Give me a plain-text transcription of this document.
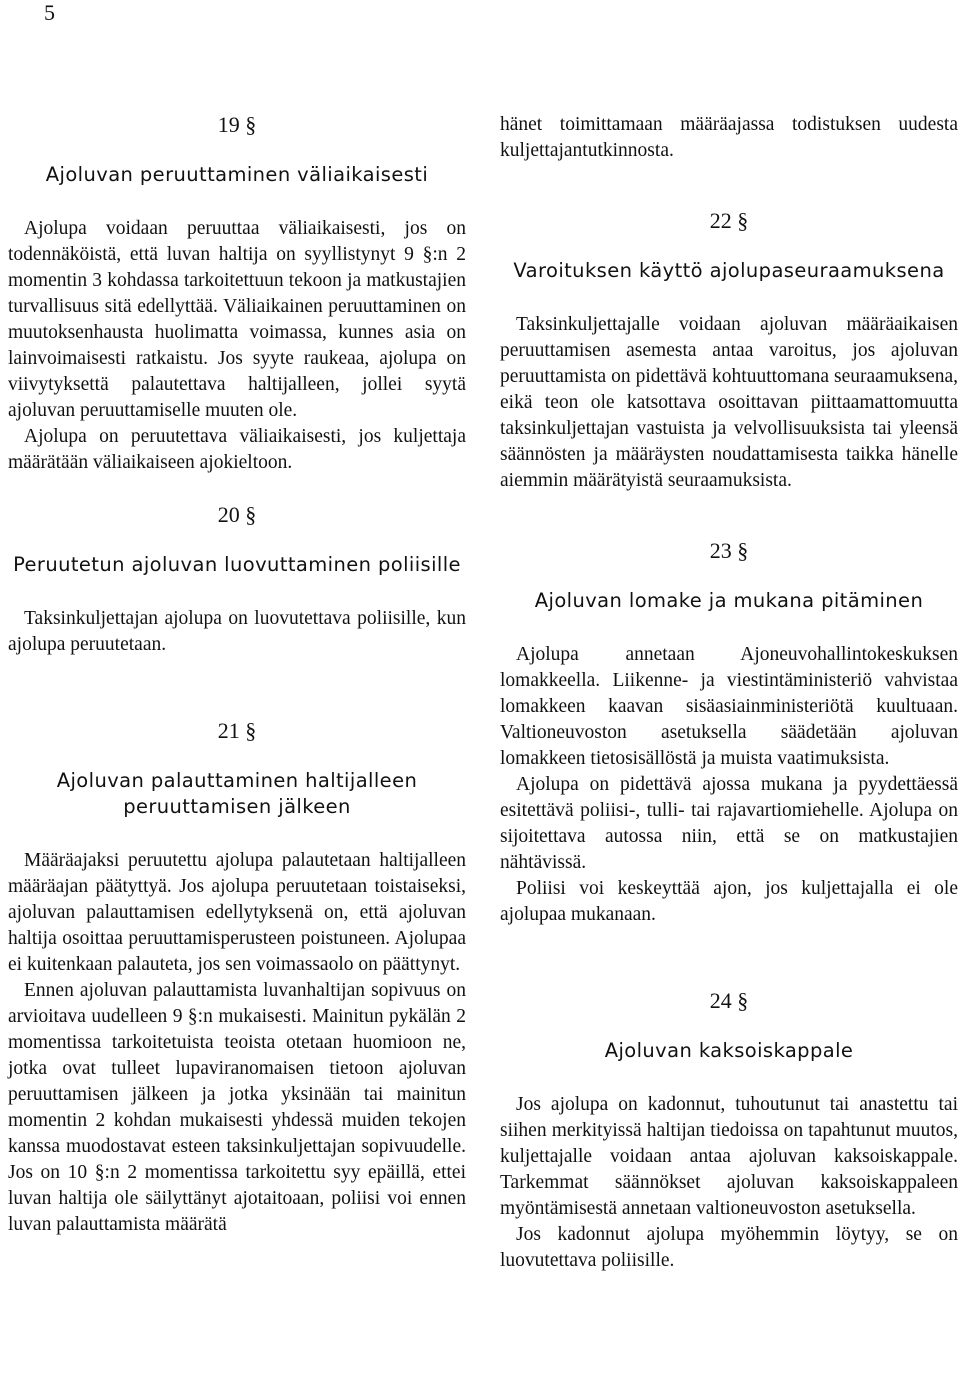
5

19 §

Ajoluvan peruuttaminen väliaikaisesti

Ajolupa voidaan peruuttaa väliaikaisesti, jos on todennäköistä, että luvan haltija on syyllistynyt 9 §:n 2 momentin 3 kohdassa tarkoitettuun tekoon ja matkustajien turvallisuus sitä edellyttää. Väliaikainen peruuttaminen on muutoksenhausta huolimatta voimassa, kunnes asia on lainvoimaisesti ratkaistu. Jos syyte raukeaa, ajolupa on viivytyksettä palautettava haltijalleen, jollei syytä ajoluvan peruuttamiselle muuten ole.

Ajolupa on peruutettava väliaikaisesti, jos kuljettaja määrätään väliaikaiseen ajokieltoon.

20 §

Peruutetun ajoluvan luovuttaminen poliisille

Taksinkuljettajan ajolupa on luovutettava poliisille, kun ajolupa peruutetaan.

21 §

Ajoluvan palauttaminen haltijalleen peruuttamisen jälkeen

Määräajaksi peruutettu ajolupa palautetaan haltijalleen määräajan päätyttyä. Jos ajolupa peruutetaan toistaiseksi, ajoluvan palauttamisen edellytyksenä on, että ajoluvan haltija osoittaa peruuttamisperusteen poistuneen. Ajolupaa ei kuitenkaan palauteta, jos sen voimassaolo on päättynyt.

Ennen ajoluvan palauttamista luvanhaltijan sopivuus on arvioitava uudelleen 9 §:n mukaisesti. Mainitun pykälän 2 momentissa tarkoitetuista teoista otetaan huomioon ne, jotka ovat tulleet lupaviranomaisen tietoon ajoluvan peruuttamisen jälkeen ja jotka yksinään tai mainitun momentin 2 kohdan mukaisesti yhdessä muiden tekojen kanssa muodostavat esteen taksinkuljettajan sopivuudelle. Jos on 10 §:n 2 momentissa tarkoitettu syy epäillä, ettei luvan haltija ole säilyttänyt ajotaitoaan, poliisi voi ennen luvan palauttamista määrätä

hänet toimittamaan määräajassa todistuksen uudesta kuljettajantutkinnosta.

22 §

Varoituksen käyttö ajolupaseuraamuksena

Taksinkuljettajalle voidaan ajoluvan määräaikaisen peruuttamisen asemesta antaa varoitus, jos ajoluvan peruuttamista on pidettävä kohtuuttomana seuraamuksena, eikä teon ole katsottava osoittavan piittaamattomuutta taksinkuljettajan vastuista ja velvollisuuksista tai yleensä säännösten ja määräysten noudattamisesta taikka hänelle aiemmin määrätyistä seuraamuksista.

23 §

Ajoluvan lomake ja mukana pitäminen

Ajolupa annetaan Ajoneuvohallintokeskuksen lomakkeella. Liikenne- ja viestintäministeriö vahvistaa lomakkeen kaavan sisäasiainministeriötä kuultuaan. Valtioneuvoston asetuksella säädetään ajoluvan lomakkeen tietosisällöstä ja muista vaatimuksista.

Ajolupa on pidettävä ajossa mukana ja pyydettäessä esitettävä poliisi-, tulli- tai rajavartiomiehelle. Ajolupa on sijoitettava autossa niin, että se on matkustajien nähtävissä.

Poliisi voi keskeyttää ajon, jos kuljettajalla ei ole ajolupaa mukanaan.

24 §

Ajoluvan kaksoiskappale

Jos ajolupa on kadonnut, tuhoutunut tai anastettu tai siihen merkityissä haltijan tiedoissa on tapahtunut muutos, kuljettajalle voidaan antaa ajoluvan kaksoiskappale. Tarkemmat säännökset ajoluvan kaksoiskappaleen myöntämisestä annetaan valtioneuvoston asetuksella.

Jos kadonnut ajolupa myöhemmin löytyy, se on luovutettava poliisille.
